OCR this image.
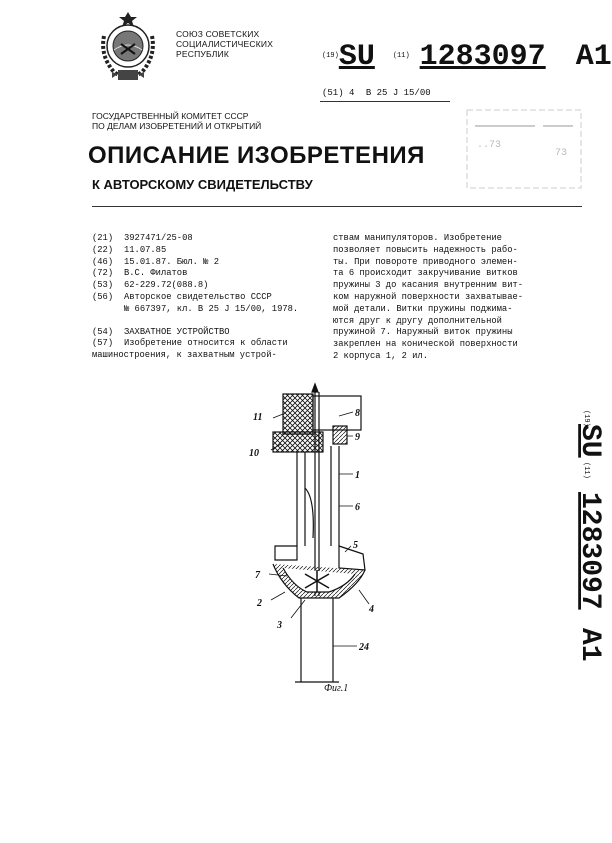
СОЮЗ СОВЕТСКИХ
СОЦИАЛИСТИЧЕСКИХ
РЕСПУБЛИК	(19)SU	(11) 1283097 A1
(51) 4 B 25 J 15/00
..73
73
ГОСУДАРСТВЕННЫЙ КОМИТЕТ СССР
ПО ДЕЛАМ ИЗОБРЕТЕНИЙ И ОТКРЫТИЙ
ОПИСАНИЕ ИЗОБРЕТЕНИЯ
К АВТОРСКОМУ СВИДЕТЕЛЬСТВУ
(21)	3927471/25-08
(22)	11.07.85
(46)	15.01.87. Бюл. № 2
(72)	В.С. Филатов
(53)	62-229.72(088.8)
(56)	Авторское свидетельство СССР
№ 667397, кл. B 25 J 15/00, 1978.
(54)	ЗАХВАТНОЕ УСТРОЙСТВО
(57)	Изобретение относится к области
машиностроения, к захватным устрой-
ствам манипуляторов. Изобретение
позволяет повысить надежность рабо-
ты. При повороте приводного элемен-
та 6 происходит закручивание витков
пружины 3 до касания внутренним вит-
ком наружной поверхности захватывае-
мой детали. Витки пружины поджима-
ются друг к другу дополнительной
пружиной 7. Наружный виток пружины
закреплен на конической поверхности
2 корпуса 1, 2 ил.
(19)
SU
(11)
1283097
A1
11	8
10
9
1
6
5
7
2
4
3
24
Фиг.1
